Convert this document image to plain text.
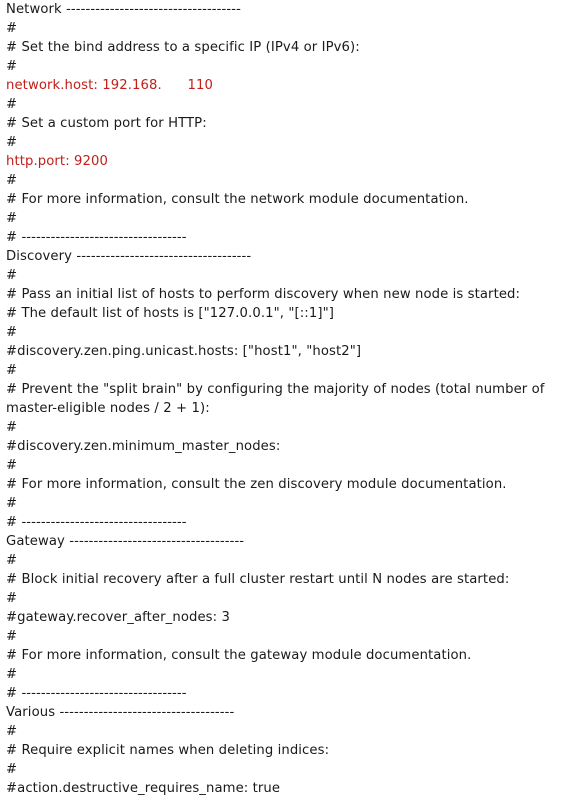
Network ------------------------------------
#
# Set the bind address to a specific IP (IPv4 or IPv6):
#
network.host: 192.168.      110
#
# Set a custom port for HTTP:
#
http.port: 9200
#
# For more information, consult the network module documentation.
#
# ----------------------------------
Discovery ------------------------------------
#
# Pass an initial list of hosts to perform discovery when new node is started:
# The default list of hosts is ["127.0.0.1", "[::1]"]
#
#discovery.zen.ping.unicast.hosts: ["host1", "host2"]
#
# Prevent the "split brain" by configuring the majority of nodes (total number of
master-eligible nodes / 2 + 1):
#
#discovery.zen.minimum_master_nodes:
#
# For more information, consult the zen discovery module documentation.
#
# ----------------------------------
Gateway ------------------------------------
#
# Block initial recovery after a full cluster restart until N nodes are started:
#
#gateway.recover_after_nodes: 3
#
# For more information, consult the gateway module documentation.
#
# ----------------------------------
Various ------------------------------------
#
# Require explicit names when deleting indices:
#
#action.destructive_requires_name: true
